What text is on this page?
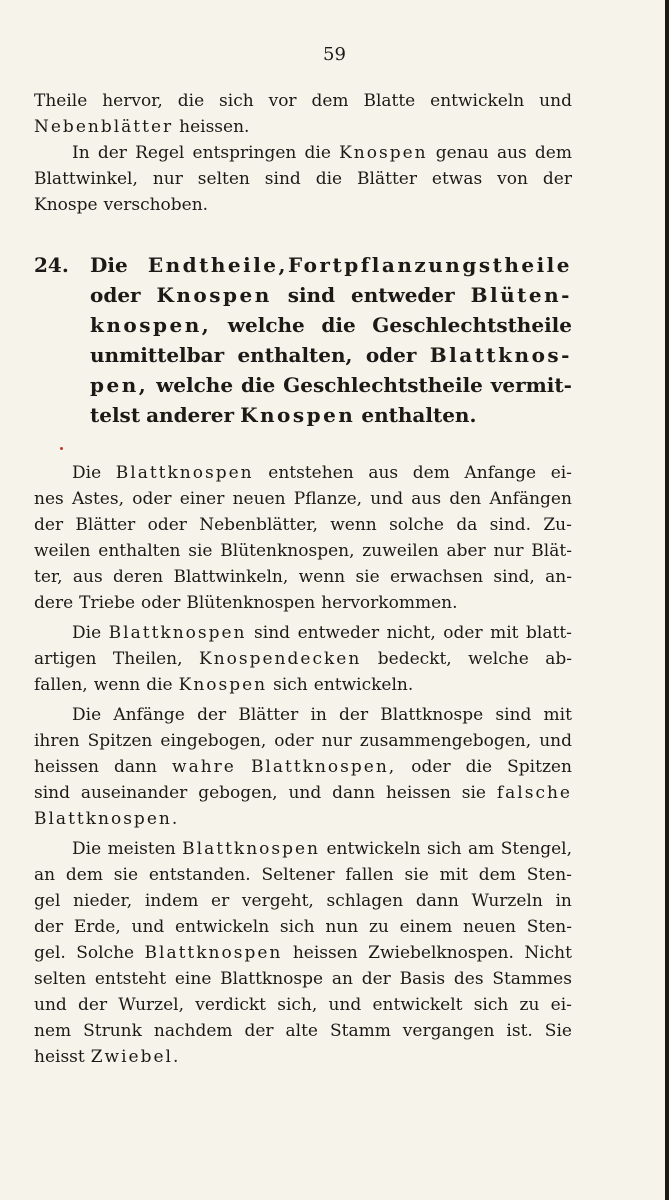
59
Theile hervor, die sich vor dem Blatte entwickeln und
Nebenblätter heissen.
In der Regel entspringen die Knospen genau aus dem
Blattwinkel, nur selten sind die Blätter etwas von der
Knospe verschoben.
24. Die Endtheile,Fortpflanzungstheile
oder Knospen sind entweder Blüten-
knospen, welche die Geschlechtstheile
unmittelbar enthalten, oder Blattknos-
pen, welche die Geschlechtstheile vermit-
telst anderer Knospen enthalten.
Die Blattknospen entstehen aus dem Anfange ei-
nes Astes, oder einer neuen Pflanze, und aus den Anfängen
der Blätter oder Nebenblätter, wenn solche da sind. Zu-
weilen enthalten sie Blütenknospen, zuweilen aber nur Blät-
ter, aus deren Blattwinkeln, wenn sie erwachsen sind, an-
dere Triebe oder Blütenknospen hervorkommen.
Die Blattknospen sind entweder nicht, oder mit blatt-
artigen Theilen, Knospendecken bedeckt, welche ab-
fallen, wenn die Knospen sich entwickeln.
Die Anfänge der Blätter in der Blattknospe sind mit
ihren Spitzen eingebogen, oder nur zusammengebogen, und
heissen dann wahre Blattknospen, oder die Spitzen
sind auseinander gebogen, und dann heissen sie falsche
Blattknospen.
Die meisten Blattknospen entwickeln sich am Stengel,
an dem sie entstanden. Seltener fallen sie mit dem Sten-
gel nieder, indem er vergeht, schlagen dann Wurzeln in
der Erde, und entwickeln sich nun zu einem neuen Sten-
gel. Solche Blattknospen heissen Zwiebelknospen. Nicht
selten entsteht eine Blattknospe an der Basis des Stammes
und der Wurzel, verdickt sich, und entwickelt sich zu ei-
nem Strunk nachdem der alte Stamm vergangen ist. Sie
heisst Zwiebel.
